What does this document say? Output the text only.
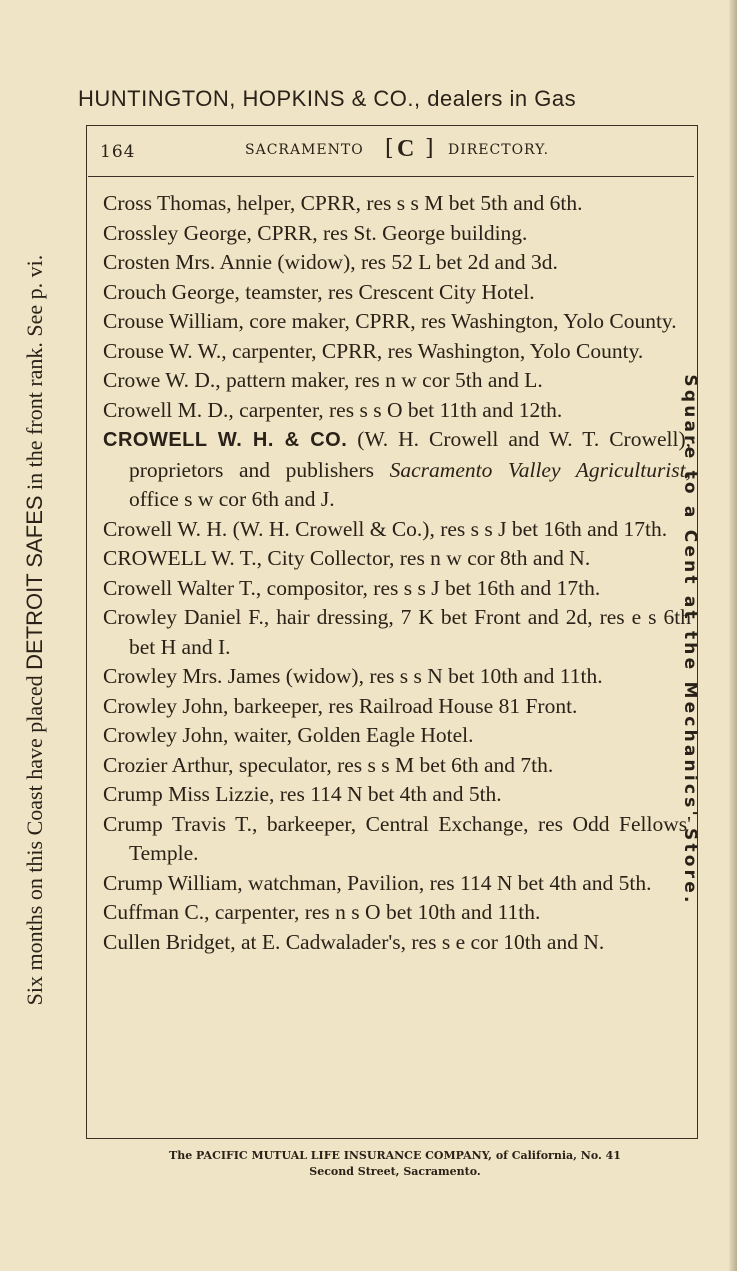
HUNTINGTON, HOPKINS & CO., dealers in Gas
Six months on this Coast have placed DETROIT SAFES in the front rank. See p. vi.
Square to a Cent at the Mechanics' Store.
164	SACRAMENTO [ C ] DIRECTORY.
Cross Thomas, helper, CPRR, res s s M bet 5th and 6th.
Crossley George, CPRR, res St. George building.
Crosten Mrs. Annie (widow), res 52 L bet 2d and 3d.
Crouch George, teamster, res Crescent City Hotel.
Crouse William, core maker, CPRR, res Washington, Yolo County.
Crouse W. W., carpenter, CPRR, res Washington, Yolo County.
Crowe W. D., pattern maker, res n w cor 5th and L.
Crowell M. D., carpenter, res s s O bet 11th and 12th.
CROWELL W. H. & CO. (W. H. Crowell and W. T. Crowell), proprietors and publishers Sacramento Valley Agriculturist, office s w cor 6th and J.
Crowell W. H. (W. H. Crowell & Co.), res s s J bet 16th and 17th.
CROWELL W. T., City Collector, res n w cor 8th and N.
Crowell Walter T., compositor, res s s J bet 16th and 17th.
Crowley Daniel F., hair dressing, 7 K bet Front and 2d, res e s 6th bet H and I.
Crowley Mrs. James (widow), res s s N bet 10th and 11th.
Crowley John, barkeeper, res Railroad House 81 Front.
Crowley John, waiter, Golden Eagle Hotel.
Crozier Arthur, speculator, res s s M bet 6th and 7th.
Crump Miss Lizzie, res 114 N bet 4th and 5th.
Crump Travis T., barkeeper, Central Exchange, res Odd Fellows' Temple.
Crump William, watchman, Pavilion, res 114 N bet 4th and 5th.
Cuffman C., carpenter, res n s O bet 10th and 11th.
Cullen Bridget, at E. Cadwalader's, res s e cor 10th and N.
The PACIFIC MUTUAL LIFE INSURANCE COMPANY, of California, No. 41
Second Street, Sacramento.
